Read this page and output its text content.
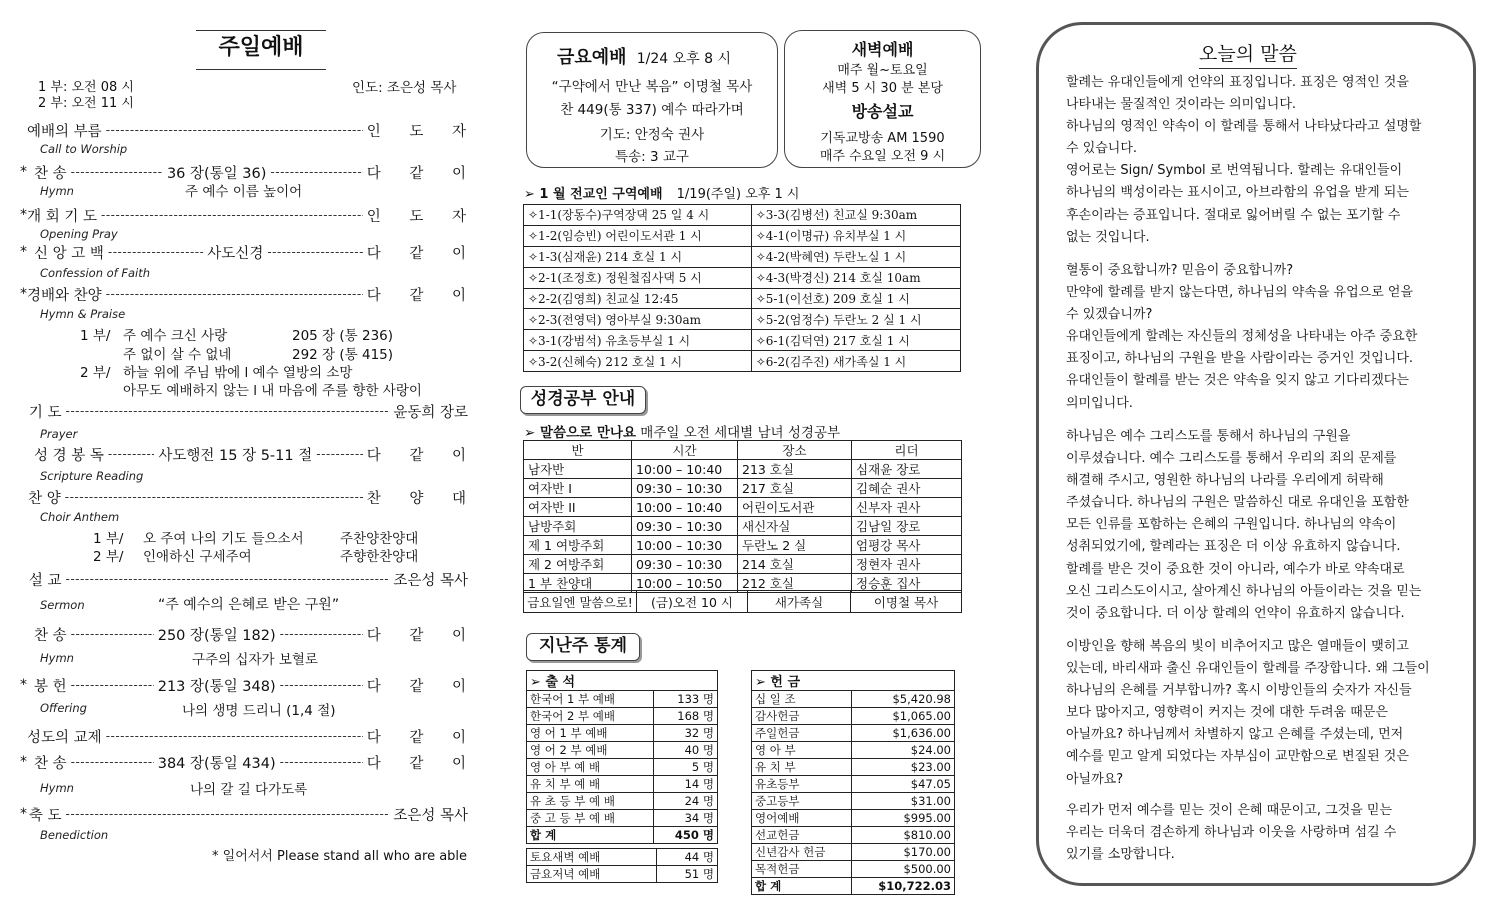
주일예배
1 부: 오전 08 시
2 부: 오전 11 시
인도: 조은성 목사
예배의 부름 -----	인 도 자
* 찬 송 -----	36 장(통일 36) -----	다 같 이
* 개 회 기 도 -----	인 도 자
* 신 앙 고 백 -----	사도신경 -----	다 같 이
* 경배와 찬양 -----	다 같 이
기 도 -----	윤동희 장로
성 경 봉 독 -----	사도행전 15 장 5-11 절 -----	다 같 이
찬 양 -----	찬 양 대
설 교 -----	조은성 목사
찬 송 -----	250 장(통일 182) -----	다 같 이
* 봉 헌 -----	213 장(통일 348) -----	다 같 이
성도의 교제 -----	다 같 이
* 찬 송 -----	384 장(통일 434) -----	다 같 이
* 축 도 -----	조은성 목사
주 예수 이름 높이어
1 부/ 주 예수 크신 사랑	205 장 (통 236)
주 없이 살 수 없네	292 장 (통 415)
2 부/ 하늘 위에 주님 밖에 l 예수 열방의 소망
아무도 예배하지 않는 l 내 마음에 주를 향한 사랑이
1 부/ 오 주여 나의 기도 들으소서	주찬양찬양대
2 부/ 인애하신 구세주여	주향한찬양대
“주 예수의 은혜로 받은 구원”
구주의 십자가 보혈로
나의 생명 드리니 (1,4 절)
나의 갈 길 다가도록
* 일어서서 Please stand all who are able
Call to Worship
Hymn
Opening Pray
Confession of Faith
Hymn & Praise
Prayer
Scripture Reading
Choir Anthem
Sermon
Hymn
Offering
Hymn
Benediction
금요예배 1/24 오후 8 시
“구약에서 만난 복음” 이명철 목사
찬 449(통 337) 예수 따라가며
기도: 안정숙 권사
특송: 3 교구
새벽예배
매주 월~토요일
새벽 5 시 30 분 본당
방송설교
기독교방송 AM 1590
매주 수요일 오전 9 시
➢ 1 월 전교인 구역예배 1/19(주일) 오후 1 시
✧1-1(장동수)구역장댁 25 일 4 시	✧3-3(김병선) 친교실 9:30am
✧1-2(임승빈) 어린이도서관 1 시	✧4-1(이명규) 유치부실 1 시
✧1-3(심재윤) 214 호실 1 시	✧4-2(박혜연) 두란노실 1 시
✧2-1(조정호) 정원철집사댁 5 시	✧4-3(박경신) 214 호실 10am
✧2-2(김영희) 친교실 12:45	✧5-1(이선호) 209 호실 1 시
✧2-3(전영덕) 영아부실 9:30am	✧5-2(엄정수) 두란노 2 실 1 시
✧3-1(강범석) 유초등부실 1 시	✧6-1(김덕연) 217 호실 1 시
✧3-2(신혜숙) 212 호실 1 시	✧6-2(김주진) 새가족실 1 시
성경공부 안내
➢ 말씀으로 만나요 매주일 오전 세대별 남녀 성경공부
반	시간	장소	리더
남자반	10:00 – 10:40	213 호실	심재윤 장로
여자반 I	09:30 – 10:30	217 호실	김혜순 권사
여자반 II	10:00 – 10:40	어린이도서관	신부자 권사
남방주회	09:30 – 10:30	새신자실	김남일 장로
제 1 여방주회	10:00 – 10:30	두란노 2 실	엄평강 목사
제 2 여방주회	09:30 – 10:30	214 호실	정현자 권사
1 부 찬양대	10:00 – 10:50	212 호실	정승훈 집사
금요일엔 말씀으로!	(금)오전 10 시	새가족실	이명철 목사
지난주 통계
➢ 출 석	
한국어 1 부 예배	133 명
한국어 2 부 예배	168 명
영 어 1 부 예배	32 명
영 어 2 부 예배	40 명
영 아 부 예 배	5 명
유 치 부 예 배	14 명
유 초 등 부 예 배	24 명
중 고 등 부 예 배	34 명
합 계	450 명
토요새벽 예배	44 명
금요저녁 예배	51 명
➢ 헌 금	
십 일 조	$5,420.98
감사헌금	$1,065.00
주일헌금	$1,636.00
영 아 부	$24.00
유 치 부	$23.00
유초등부	$47.05
중고등부	$31.00
영어예배	$995.00
선교헌금	$810.00
신년감사 헌금	$170.00
목적헌금	$500.00
합 계	$10,722.03
오늘의 말씀
할례는 유대인들에게 언약의 표징입니다. 표징은 영적인 것을
나타내는 물질적인 것이라는 의미입니다.
하나님의 영적인 약속이 이 할례를 통해서 나타났다라고 설명할
수 있습니다.
영어로는 Sign/ Symbol 로 번역됩니다. 할례는 유대인들이
하나님의 백성이라는 표시이고, 아브라함의 유업을 받게 되는
후손이라는 증표입니다. 절대로 잃어버릴 수 없는 포기할 수
없는 것입니다.
혈통이 중요합니까? 믿음이 중요합니까?
만약에 할례를 받지 않는다면, 하나님의 약속을 유업으로 얻을
수 있겠습니까?
유대인들에게 할례는 자신들의 정체성을 나타내는 아주 중요한
표징이고, 하나님의 구원을 받을 사람이라는 증거인 것입니다.
유대인들이 할례를 받는 것은 약속을 잊지 않고 기다리겠다는
의미입니다.
하나님은 예수 그리스도를 통해서 하나님의 구원을
이루셨습니다. 예수 그리스도를 통해서 우리의 죄의 문제를
해결해 주시고, 영원한 하나님의 나라를 우리에게 허락해
주셨습니다. 하나님의 구원은 말씀하신 대로 유대인을 포함한
모든 인류를 포함하는 은혜의 구원입니다. 하나님의 약속이
성취되었기에, 할례라는 표징은 더 이상 유효하지 않습니다.
할례를 받은 것이 중요한 것이 아니라, 예수가 바로 약속대로
오신 그리스도이시고, 살아계신 하나님의 아들이라는 것을 믿는
것이 중요합니다. 더 이상 할례의 언약이 유효하지 않습니다.
이방인을 향해 복음의 빛이 비추어지고 많은 열매들이 맺히고
있는데, 바리새파 출신 유대인들이 할례를 주장합니다. 왜 그들이
하나님의 은혜를 거부합니까? 혹시 이방인들의 숫자가 자신들
보다 많아지고, 영향력이 커지는 것에 대한 두려움 때문은
아닐까요? 하나님께서 차별하지 않고 은혜를 주셨는데, 먼저
예수를 믿고 알게 되었다는 자부심이 교만함으로 변질된 것은
아닐까요?
우리가 먼저 예수를 믿는 것이 은혜 때문이고, 그것을 믿는
우리는 더욱더 겸손하게 하나님과 이웃을 사랑하며 섬길 수
있기를 소망합니다.
